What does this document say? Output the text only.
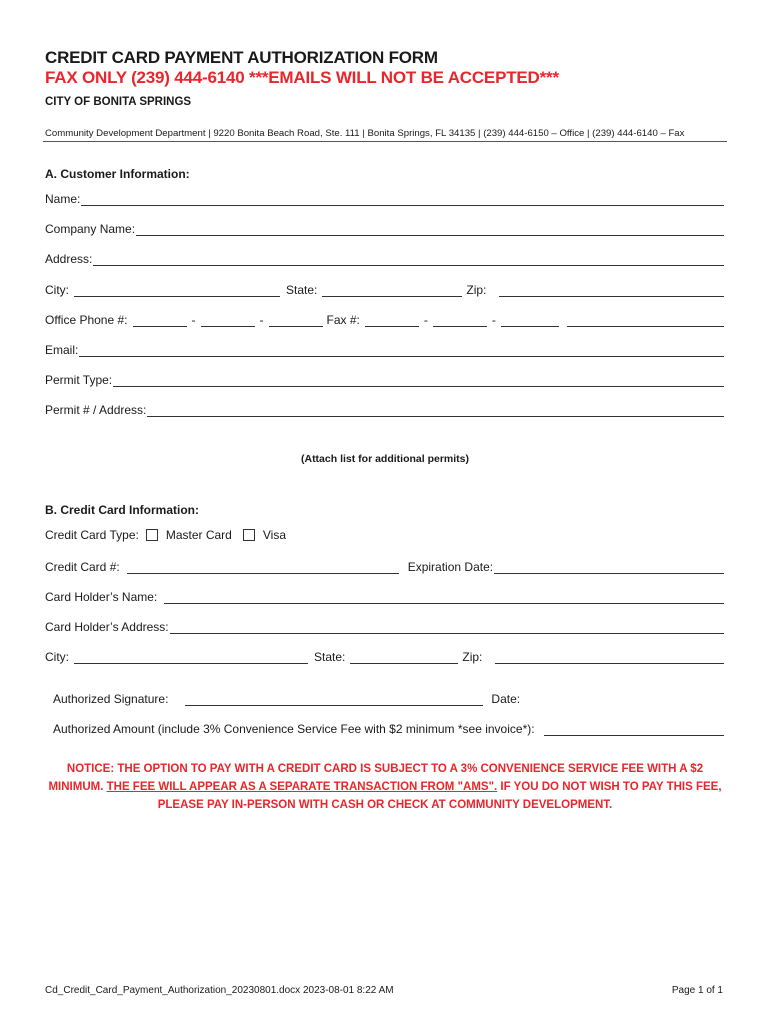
CREDIT CARD PAYMENT AUTHORIZATION FORM
FAX ONLY (239) 444-6140 ***EMAILS WILL NOT BE ACCEPTED***
CITY OF BONITA SPRINGS
Community Development Department | 9220 Bonita Beach Road, Ste. 111 | Bonita Springs, FL 34135 | (239) 444-6150 – Office | (239) 444-6140 – Fax
A. Customer Information:
Name:
Company Name:
Address:
City:	State:	Zip:
Office Phone #:	-	-	Fax #:	-	-
Email:
Permit Type:
Permit # / Address:
(Attach list for additional permits)
B. Credit Card Information:
Credit Card Type: Master Card	Visa
Credit Card #:	Expiration Date:
Card Holder’s Name:
Card Holder’s Address:
City:	State:	Zip:
Authorized Signature:	Date:
Authorized Amount (include 3% Convenience Service Fee with $2 minimum *see invoice*):
NOTICE: THE OPTION TO PAY WITH A CREDIT CARD IS SUBJECT TO A 3% CONVENIENCE SERVICE FEE WITH A $2 MINIMUM. THE FEE WILL APPEAR AS A SEPARATE TRANSACTION FROM "AMS". IF YOU DO NOT WISH TO PAY THIS FEE, PLEASE PAY IN-PERSON WITH CASH OR CHECK AT COMMUNITY DEVELOPMENT.
Cd_Credit_Card_Payment_Authorization_20230801.docx 2023-08-01 8:22 AM	Page 1 of 1
